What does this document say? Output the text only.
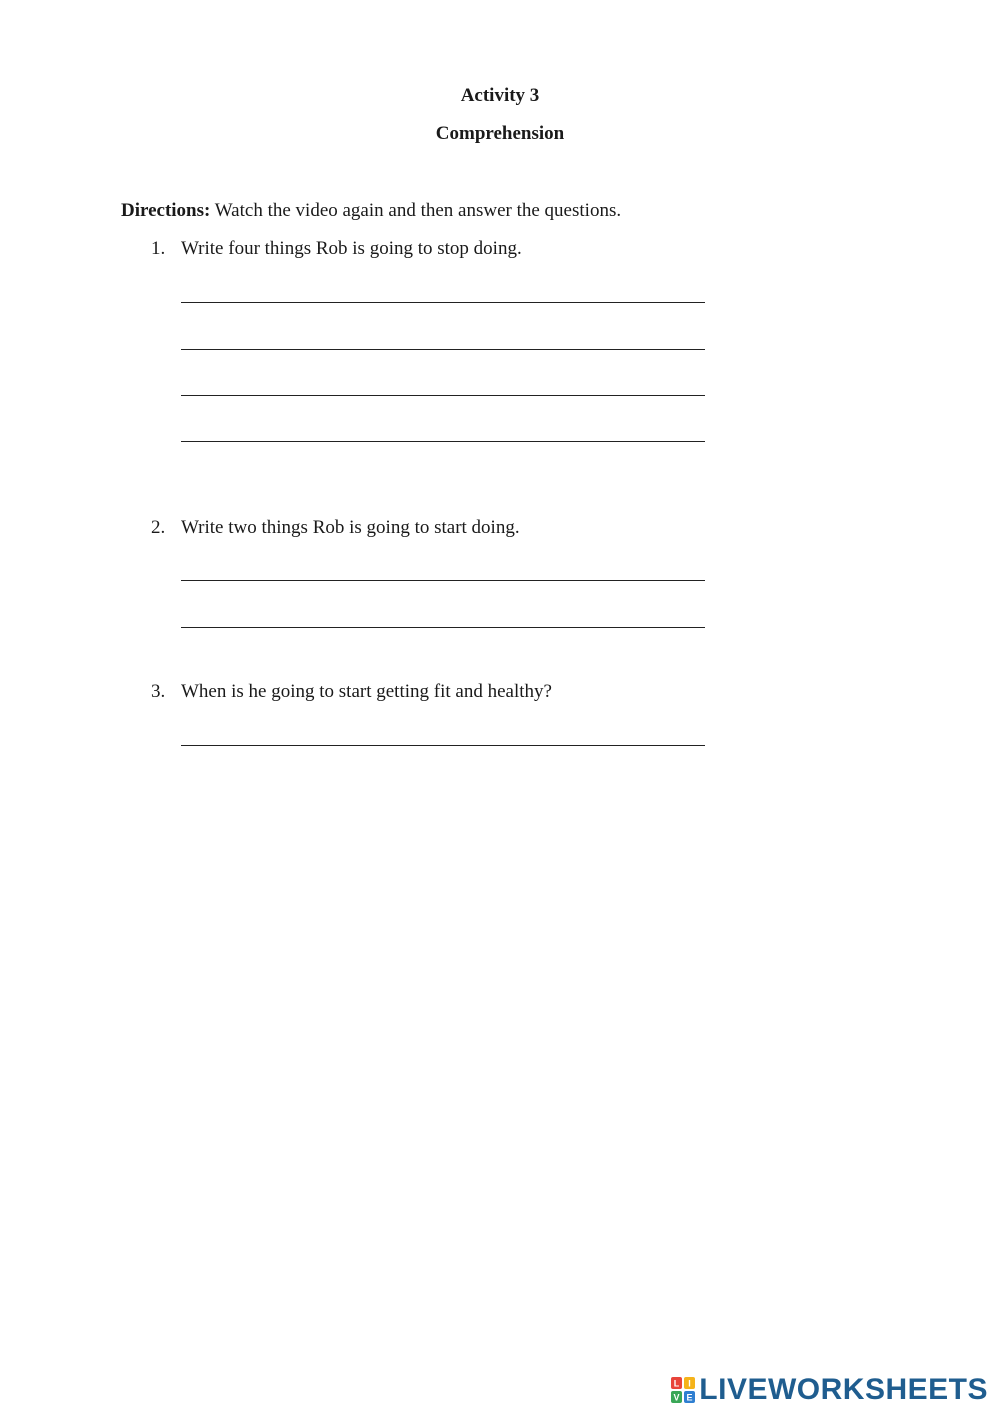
Activity 3
Comprehension
Directions: Watch the video again and then answer the questions.
1. Write four things Rob is going to stop doing.
2. Write two things Rob is going to start doing.
3. When is he going to start getting fit and healthy?
L I
V E LIVEWORKSHEETS
